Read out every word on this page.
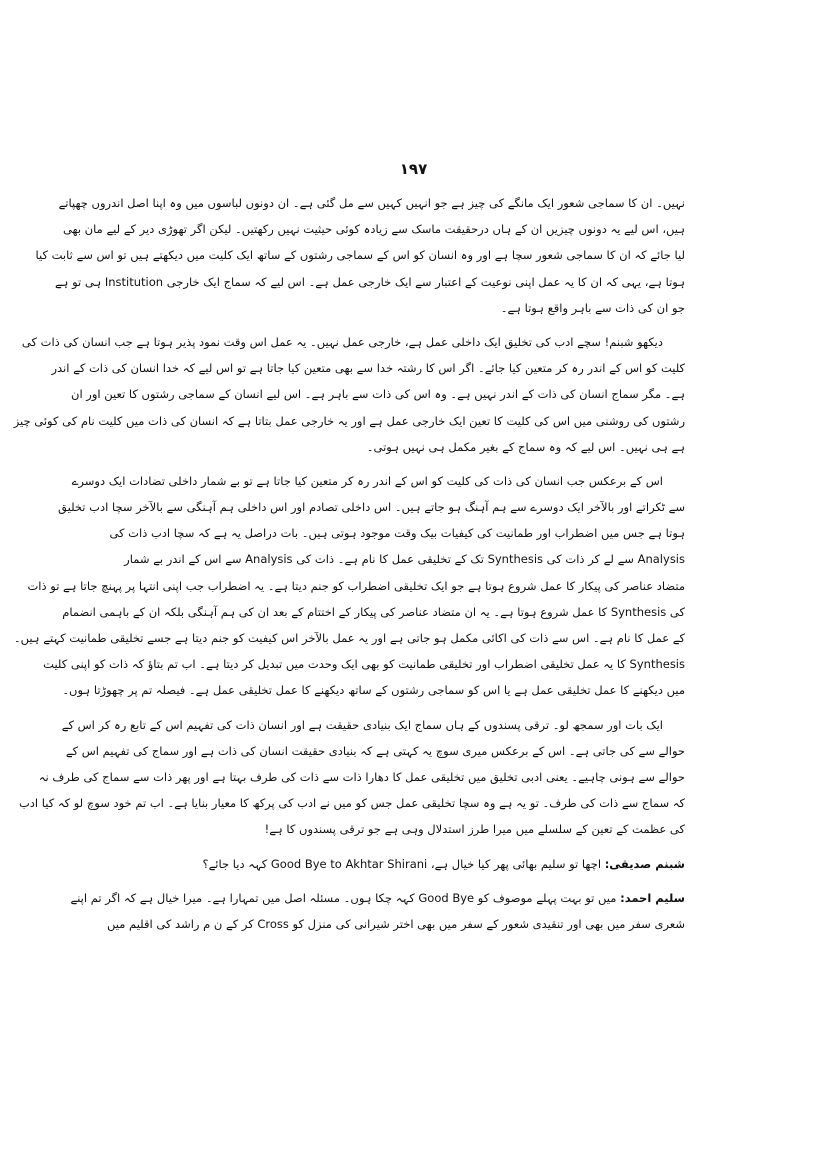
۱۹۷
نہیں۔ ان کا سماجی شعور ایک مانگے کی چیز ہے جو انہیں کہیں سے مل گئی ہے۔ ان دونوں لباسوں میں وہ اپنا اصل اندروں چھپاتے
ہیں، اس لیے یہ دونوں چیزیں ان کے ہاں درحقیقت ماسک سے زیادہ کوئی حیثیت نہیں رکھتیں۔ لیکن اگر تھوڑی دیر کے لیے مان بھی
لیا جائے کہ ان کا سماجی شعور سچا ہے اور وہ انسان کو اس کے سماجی رشتوں کے ساتھ ایک کلیت میں دیکھتے ہیں تو اس سے ثابت کیا
ہوتا ہے، یہی کہ ان کا یہ عمل اپنی نوعیت کے اعتبار سے ایک خارجی عمل ہے۔ اس لیے کہ سماج ایک خارجی Institution ہی تو ہے
جو ان کی ذات سے باہر واقع ہوتا ہے۔
دیکھو شبنم! سچے ادب کی تخلیق ایک داخلی عمل ہے، خارجی عمل نہیں۔ یہ عمل اس وقت نمود پذیر ہوتا ہے جب انسان کی ذات کی
کلیت کو اس کے اندر رہ کر متعین کیا جائے۔ اگر اس کا رشتہ خدا سے بھی متعین کیا جاتا ہے تو اس لیے کہ خدا انسان کی ذات کے اندر
ہے۔ مگر سماج انسان کی ذات کے اندر نہیں ہے۔ وہ اس کی ذات سے باہر ہے۔ اس لیے انسان کے سماجی رشتوں کا تعین اور ان
رشتوں کی روشنی میں اس کی کلیت کا تعین ایک خارجی عمل ہے اور یہ خارجی عمل بتاتا ہے کہ انسان کی ذات میں کلیت نام کی کوئی چیز
ہے ہی نہیں۔ اس لیے کہ وہ سماج کے بغیر مکمل ہی نہیں ہوتی۔
اس کے برعکس جب انسان کی ذات کی کلیت کو اس کے اندر رہ کر متعین کیا جاتا ہے تو بے شمار داخلی تضادات ایک دوسرے
سے ٹکراتے اور بالآخر ایک دوسرے سے ہم آہنگ ہو جاتے ہیں۔ اس داخلی تصادم اور اس داخلی ہم آہنگی سے بالآخر سچا ادب تخلیق
ہوتا ہے جس میں اضطراب اور طمانیت کی کیفیات بیک وقت موجود ہوتی ہیں۔ بات دراصل یہ ہے کہ سچا ادب ذات کی
Analysis سے لے کر ذات کی Synthesis تک کے تخلیقی عمل کا نام ہے۔ ذات کی Analysis سے اس کے اندر بے شمار
متضاد عناصر کی پیکار کا عمل شروع ہوتا ہے جو ایک تخلیقی اضطراب کو جنم دیتا ہے۔ یہ اضطراب جب اپنی انتہا پر پہنچ جاتا ہے تو ذات
کی Synthesis کا عمل شروع ہوتا ہے۔ یہ ان متضاد عناصر کی پیکار کے اختتام کے بعد ان کی ہم آہنگی بلکہ ان کے باہمی انضمام
کے عمل کا نام ہے۔ اس سے ذات کی اکائی مکمل ہو جاتی ہے اور یہ عمل بالآخر اس کیفیت کو جنم دیتا ہے جسے تخلیقی طمانیت کہتے ہیں۔
Synthesis کا یہ عمل تخلیقی اضطراب اور تخلیقی طمانیت کو بھی ایک وحدت میں تبدیل کر دیتا ہے۔ اب تم بتاؤ کہ ذات کو اپنی کلیت
میں دیکھنے کا عمل تخلیقی عمل ہے یا اس کو سماجی رشتوں کے ساتھ دیکھنے کا عمل تخلیقی عمل ہے۔ فیصلہ تم پر چھوڑتا ہوں۔
ایک بات اور سمجھ لو۔ ترقی پسندوں کے ہاں سماج ایک بنیادی حقیقت ہے اور انسان ذات کی تفہیم اس کے تابع رہ کر اس کے
حوالے سے کی جاتی ہے۔ اس کے برعکس میری سوچ یہ کہتی ہے کہ بنیادی حقیقت انسان کی ذات ہے اور سماج کی تفہیم اس کے
حوالے سے ہونی چاہیے۔ یعنی ادبی تخلیق میں تخلیقی عمل کا دھارا ذات سے ذات کی طرف بہتا ہے اور پھر ذات سے سماج کی طرف نہ
کہ سماج سے ذات کی طرف۔ تو یہ ہے وہ سچا تخلیقی عمل جس کو میں نے ادب کی پرکھ کا معیار بنایا ہے۔ اب تم خود سوچ لو کہ کیا ادب
کی عظمت کے تعین کے سلسلے میں میرا طرز استدلال وہی ہے جو ترقی پسندوں کا ہے!
شبنم صدیقی: اچھا تو سلیم بھائی پھر کیا خیال ہے، Good Bye to Akhtar Shirani کہہ دیا جائے؟
سلیم احمد: میں تو بہت پہلے موصوف کو Good Bye کہہ چکا ہوں۔ مسئلہ اصل میں تمہارا ہے۔ میرا خیال ہے کہ اگر تم اپنے
شعری سفر میں بھی اور تنقیدی شعور کے سفر میں بھی اختر شیرانی کی منزل کو Cross کر کے ن م راشد کی اقلیم میں
